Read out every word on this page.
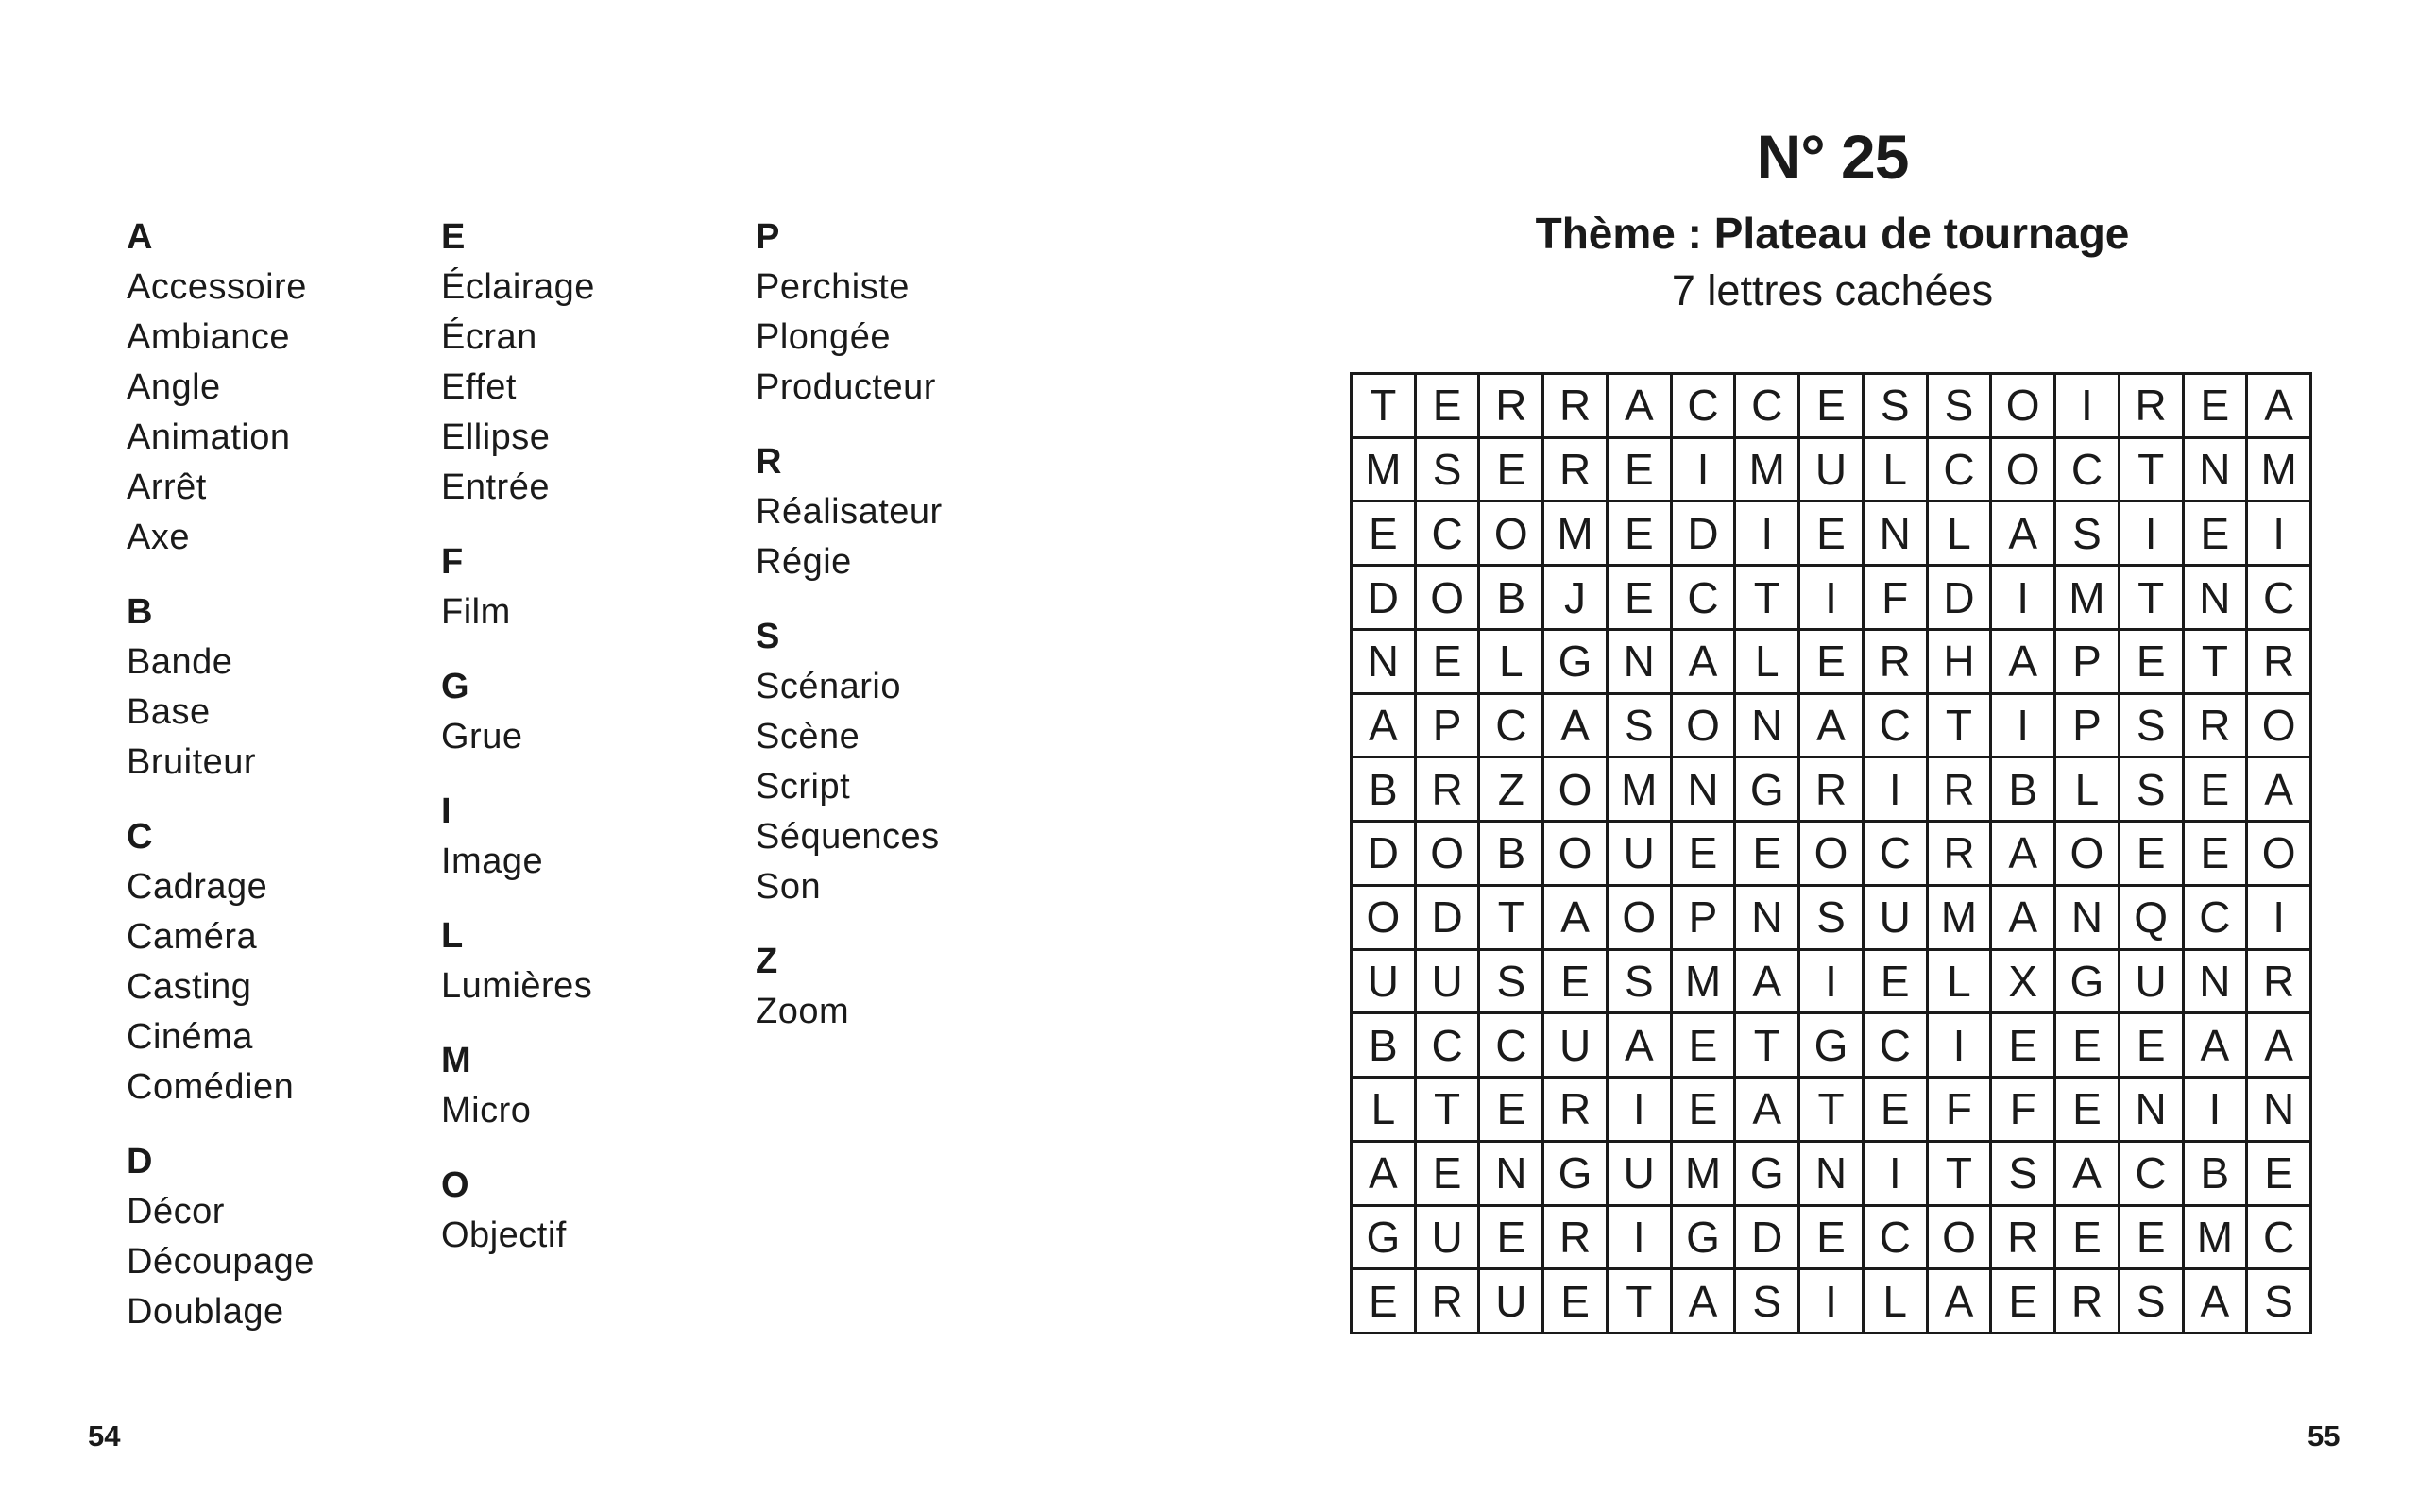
A
Accessoire
Ambiance
Angle
Animation
Arrêt
Axe
B
Bande
Base
Bruiteur
C
Cadrage
Caméra
Casting
Cinéma
Comédien
D
Décor
Découpage
Doublage
E
Éclairage
Écran
Effet
Ellipse
Entrée
F
Film
G
Grue
I
Image
L
Lumières
M
Micro
O
Objectif
P
Perchiste
Plongée
Producteur
R
Réalisateur
Régie
S
Scénario
Scène
Script
Séquences
Son
Z
Zoom
N° 25
Thème : Plateau de tournage
7 lettres cachées
T E R R A C C E S S O I R E A
M S E R E	I M U L C O C T N M
E C O M E D I	E N L A S	I	E	I
D O B J E C T	I	F D I M T N C
N E L G N A L E R H A P E T R
A P C A S O N A C T	I	P S R O
B R Z O M N G R I R B L S E A
D O B O U E E O C R A O E E O
O D T A O P N S U M A N Q C I
U U S E S M A	I	E L X G U N R
B C C U A E T G C I	E E E A A
L T E R I	E A T E F F E N I N
A E N G U M G N I	T S A C B E
G U E R I G D E C O R E E M C
E R U E T A S	I	L A E R S A S
54	55
